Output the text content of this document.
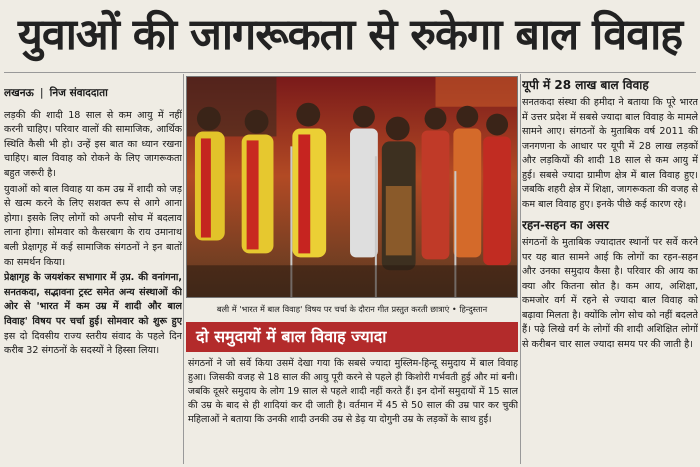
युवाओं की जागरूकता से रुकेगा बाल विवाह
लखनऊ | निज संवाददाता

लड़की की शादी 18 साल से कम आयु में नहीं करनी चाहिए। परिवार वालों की सामाजिक, आर्थिक स्थिति कैसी भी हो। उन्हें इस बात का ध्यान रखना चाहिए। बाल विवाह को रोकने के लिए जागरूकता बहुत जरूरी है।

युवाओं को बाल विवाह या कम उम्र में शादी को जड़ से खत्म करने के लिए सशक्त रूप से आगे आना होगा। इसके लिए लोगों को अपनी सोच में बदलाव लाना होगा। सोमवार को कैसरबाग के राय उमानाथ बली प्रेक्षागृह में कई सामाजिक संगठनों ने इन बातों का समर्थन किया।

प्रेक्षागृह के जयशंकर सभागार में उ़प्र. की वनांगना, सनतकदा, सद्भावना ट्रस्ट समेत अन्य संस्थाओं की ओर से 'भारत में कम उम्र में शादी और बाल विवाह' विषय पर चर्चा हुई। सोमवार को शुरू हुए इस दो दिवसीय राज्य स्तरीय संवाद के पहले दिन करीब 32 संगठनों के सदस्यों ने हिस्सा लिया।

बली में 'भारत में बाल विवाह' विषय पर चर्चा के दौरान गीत प्रस्तुत करती छात्राएं • हिन्दुस्तान
दो समुदायों में बाल विवाह ज्यादा

संगठनों ने जो सर्वे किया उसमें देखा गया कि सबसे ज्यादा मुस्लिम-हिन्दू समुदाय में बाल विवाह हुआ। जिसकी वजह से 18 साल की आयु पूरी करने से पहले ही किशोरी गर्भवती हुई और मां बनी। जबकि दूसरे समुदाय के लोग 19 साल से पहले शादी नहीं करते हैं। इन दोनों समुदायों में 15 साल की उम्र के बाद से ही शादियां कर दी जाती है। वर्तमान में 45 से 50 साल की उम्र पार कर चुकी महिलाओं ने बताया कि उनकी शादी उनकी उम्र से डेढ़ या दोगुनी उम्र के लड़कों के साथ हुई।

यूपी में 28 लाख बाल विवाह

सनतकदा संस्था की हमीदा ने बताया कि पूरे भारत में उत्तर प्रदेश में सबसे ज्यादा बाल विवाह के मामले सामने आए। संगठनों के मुताबिक वर्ष 2011 की जनगणना के आधार पर यूपी में 28 लाख लड़कों और लड़कियों की शादी 18 साल से कम आयु में हुई। सबसे ज्यादा ग्रामीण क्षेत्र में बाल विवाह हुए। जबकि शहरी क्षेत्र में शिक्षा, जागरूकता की वजह से कम बाल विवाह हुए। इनके पीछे कई कारण रहे।

रहन-सहन का असर

संगठनों के मुताबिक ज्यादातर स्थानों पर सर्वे करने पर यह बात सामने आई कि लोगों का रहन-सहन और उनका समुदाय कैसा है। परिवार की आय का क्या और कितना स्रोत है। कम आय, अशिक्षा, कमजोर वर्ग में रहने से ज्यादा बाल विवाह को बढ़ावा मिलता है। क्योंकि लोग सोच को नहीं बदलते हैं। पढ़े लिखे वर्ग के लोगों की शादी अशिक्षित लोगों से करीबन चार साल ज्यादा समय पर की जाती है।
